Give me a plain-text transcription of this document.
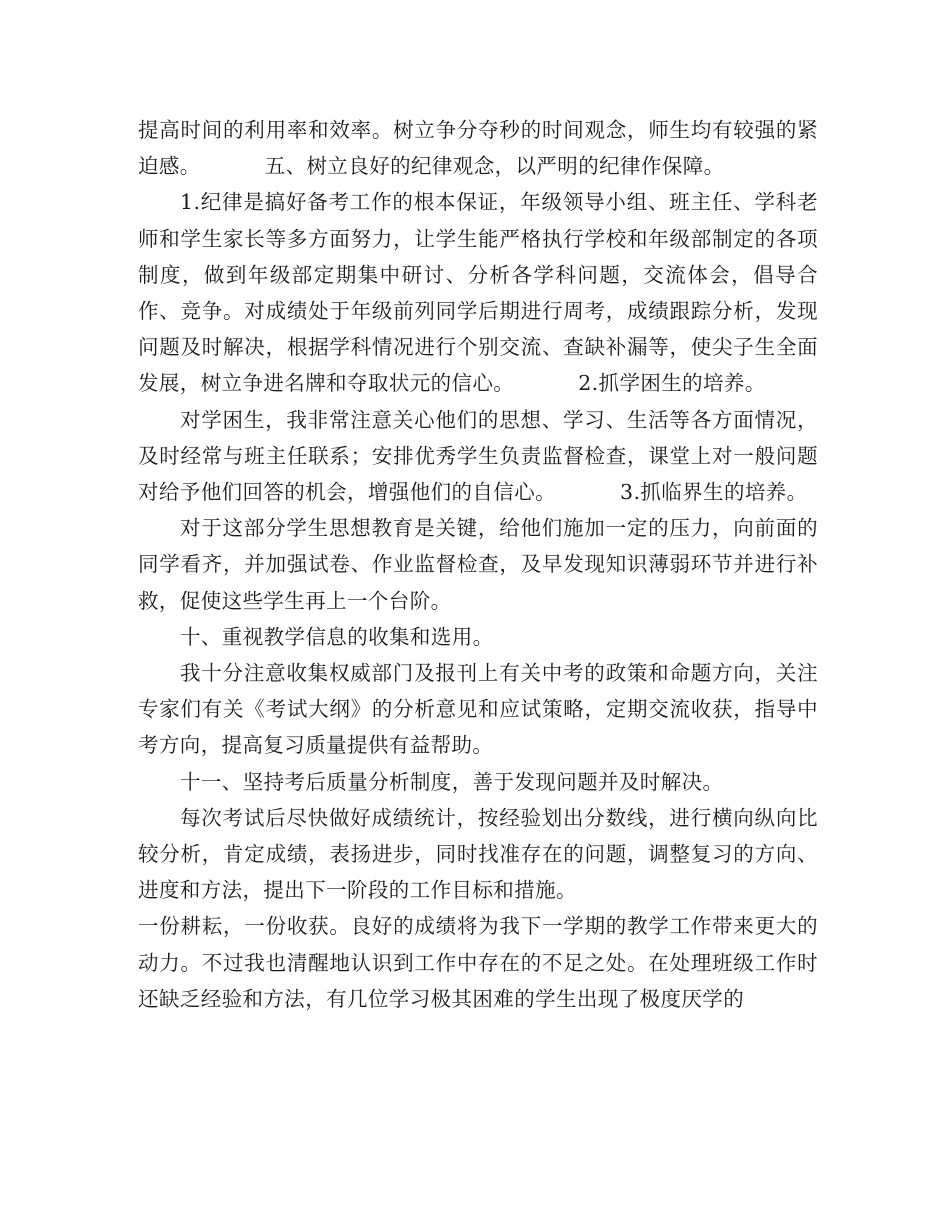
提高时间的利用率和效率。树立争分夺秒的时间观念，师生均有较强的紧迫感。	五、树立良好的纪律观念，以严明的纪律作保障。

1.纪律是搞好备考工作的根本保证，年级领导小组、班主任、学科老师和学生家长等多方面努力，让学生能严格执行学校和年级部制定的各项制度，做到年级部定期集中研讨、分析各学科问题，交流体会，倡导合作、竞争。对成绩处于年级前列同学后期进行周考，成绩跟踪分析，发现问题及时解决，根据学科情况进行个别交流、查缺补漏等，使尖子生全面发展，树立争进名牌和夺取状元的信心。	2.抓学困生的培养。

对学困生，我非常注意关心他们的思想、学习、生活等各方面情况，及时经常与班主任联系；安排优秀学生负责监督检查，课堂上对一般问题对给予他们回答的机会，增强他们的自信心。	3.抓临界生的培养。

对于这部分学生思想教育是关键，给他们施加一定的压力，向前面的同学看齐，并加强试卷、作业监督检查，及早发现知识薄弱环节并进行补救，促使这些学生再上一个台阶。

十、重视教学信息的收集和选用。

我十分注意收集权威部门及报刊上有关中考的政策和命题方向，关注专家们有关《考试大纲》的分析意见和应试策略，定期交流收获，指导中考方向，提高复习质量提供有益帮助。

十一、坚持考后质量分析制度，善于发现问题并及时解决。

每次考试后尽快做好成绩统计，按经验划出分数线，进行横向纵向比较分析，肯定成绩，表扬进步，同时找准存在的问题，调整复习的方向、进度和方法，提出下一阶段的工作目标和措施。

一份耕耘，一份收获。良好的成绩将为我下一学期的教学工作带来更大的动力。不过我也清醒地认识到工作中存在的不足之处。在处理班级工作时还缺乏经验和方法，有几位学习极其困难的学生出现了极度厌学的
